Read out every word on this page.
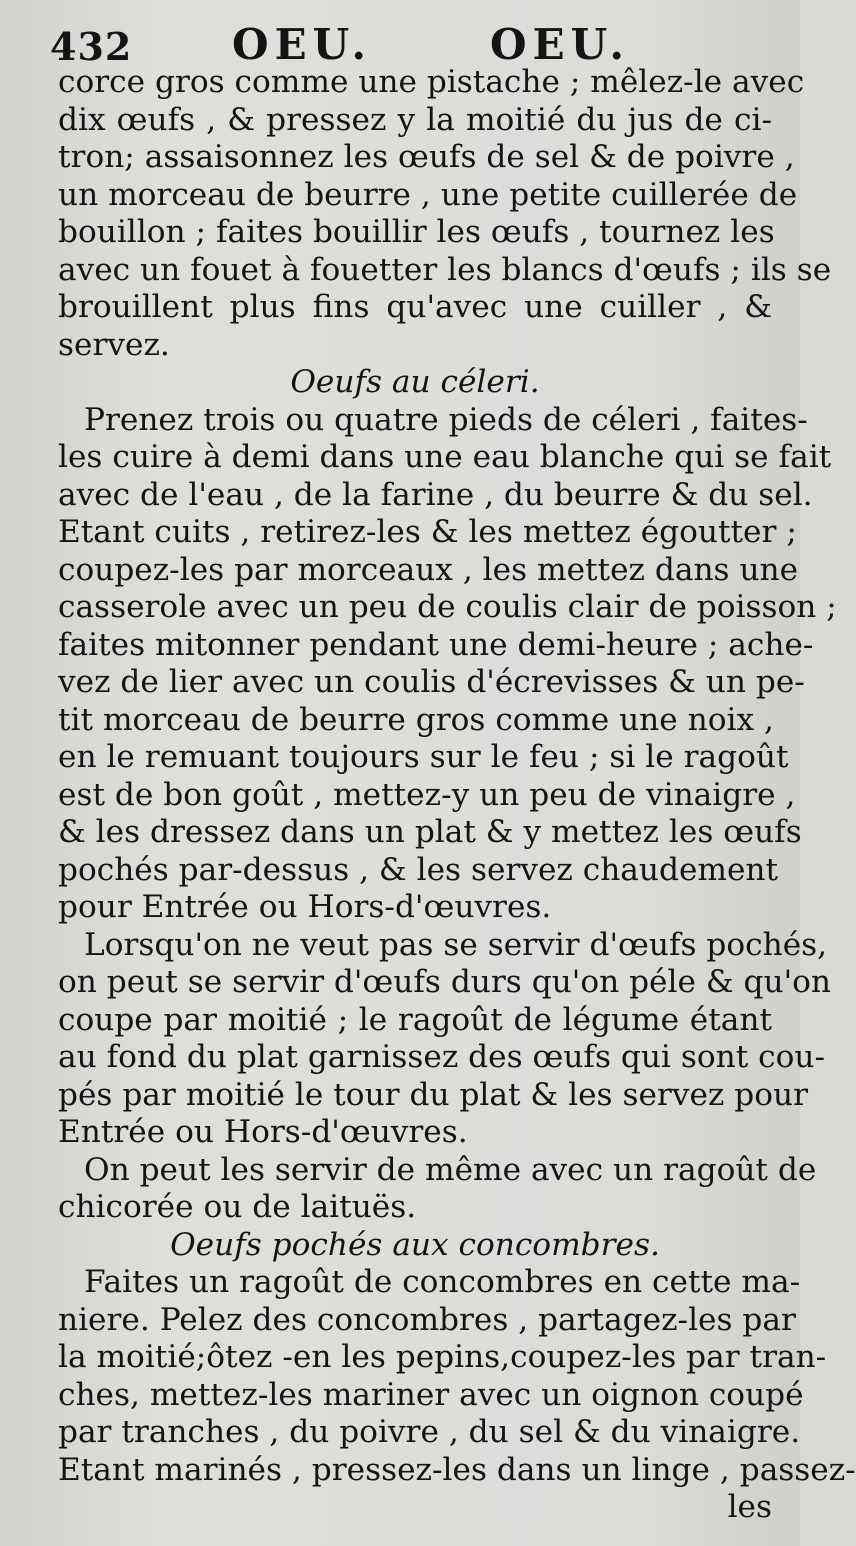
432 OEU.	OEU.
corce gros comme une pistache ; mêlez-le avec
dix œufs , & pressez y la moitié du jus de ci-
tron; assaisonnez les œufs de sel & de poivre ,
un morceau de beurre , une petite cuillerée de
bouillon ; faites bouillir les œufs , tournez les
avec un fouet à fouetter les blancs d'œufs ; ils se
brouillent plus fins qu'avec une cuiller , &
servez.
Oeufs au céleri.
Prenez trois ou quatre pieds de céleri , faites-
les cuire à demi dans une eau blanche qui se fait
avec de l'eau , de la farine , du beurre & du sel.
Etant cuits , retirez-les & les mettez égoutter ;
coupez-les par morceaux , les mettez dans une
casserole avec un peu de coulis clair de poisson ;
faites mitonner pendant une demi-heure ; ache-
vez de lier avec un coulis d'écrevisses & un pe-
tit morceau de beurre gros comme une noix ,
en le remuant toujours sur le feu ; si le ragoût
est de bon goût , mettez-y un peu de vinaigre ,
& les dressez dans un plat & y mettez les œufs
pochés par-dessus , & les servez chaudement
pour Entrée ou Hors-d'œuvres.
Lorsqu'on ne veut pas se servir d'œufs pochés,
on peut se servir d'œufs durs qu'on péle & qu'on
coupe par moitié ; le ragoût de légume étant
au fond du plat garnissez des œufs qui sont cou-
pés par moitié le tour du plat & les servez pour
Entrée ou Hors-d'œuvres.
On peut les servir de même avec un ragoût de
chicorée ou de laituës.
Oeufs pochés aux concombres.
Faites un ragoût de concombres en cette ma-
niere. Pelez des concombres , partagez-les par
la moitié;ôtez -en les pepins,coupez-les par tran-
ches, mettez-les mariner avec un oignon coupé
par tranches , du poivre , du sel & du vinaigre.
Etant marinés , pressez-les dans un linge , passez-
les
